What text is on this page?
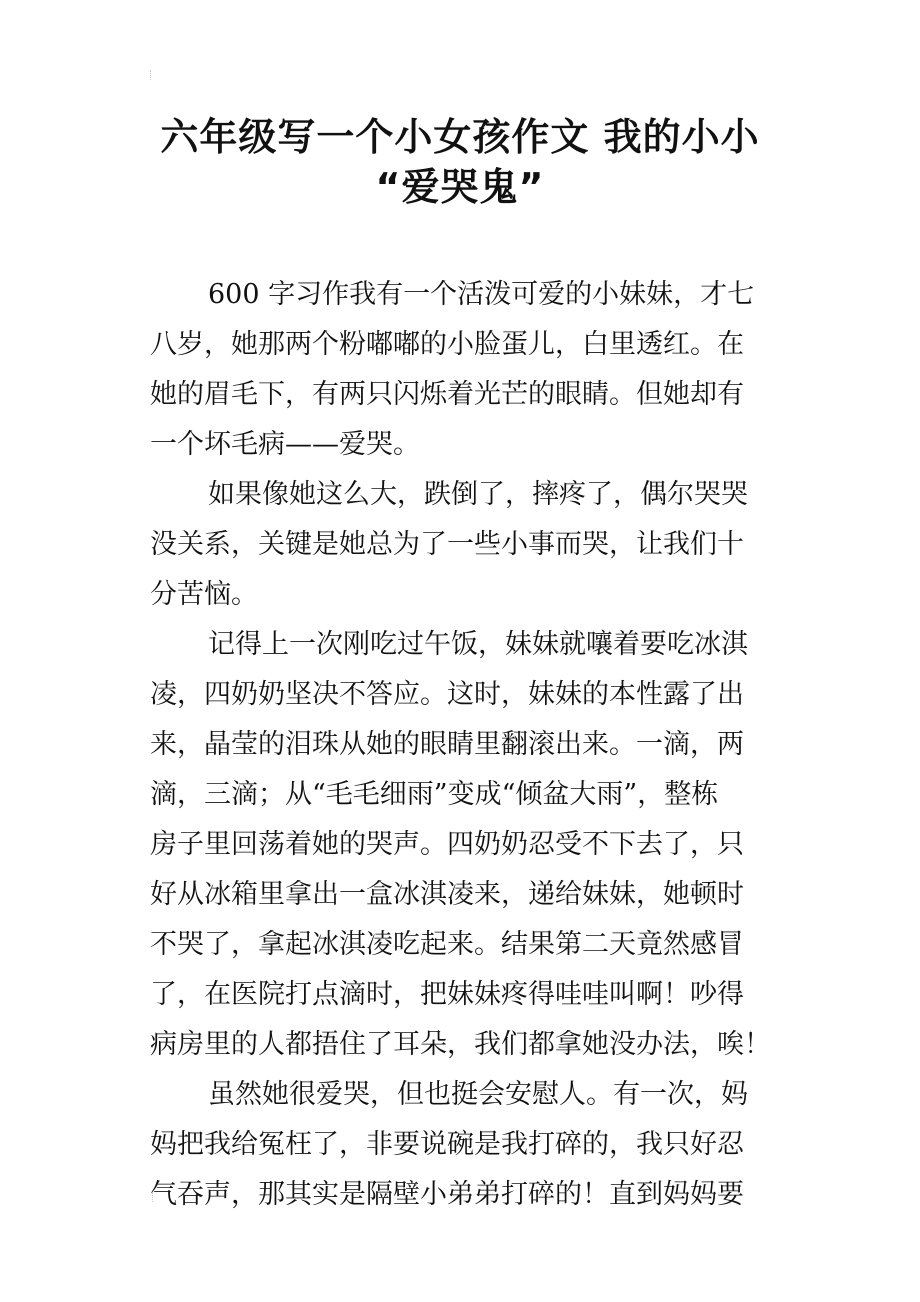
六年级写一个小女孩作文 我的小小
“爱哭鬼”
600 字习作我有一个活泼可爱的小妹妹，才七
八岁，她那两个粉嘟嘟的小脸蛋儿，白里透红。在
她的眉毛下，有两只闪烁着光芒的眼睛。但她却有
一个坏毛病——爱哭。
如果像她这么大，跌倒了，摔疼了，偶尔哭哭
没关系，关键是她总为了一些小事而哭，让我们十
分苦恼。
记得上一次刚吃过午饭，妹妹就嚷着要吃冰淇
凌，四奶奶坚决不答应。这时，妹妹的本性露了出
来，晶莹的泪珠从她的眼睛里翻滚出来。一滴，两
滴，三滴；从“毛毛细雨”变成“倾盆大雨”，整栋
房子里回荡着她的哭声。四奶奶忍受不下去了，只
好从冰箱里拿出一盒冰淇凌来，递给妹妹，她顿时
不哭了，拿起冰淇凌吃起来。结果第二天竟然感冒
了，在医院打点滴时，把妹妹疼得哇哇叫啊！吵得
病房里的人都捂住了耳朵，我们都拿她没办法，唉！
虽然她很爱哭，但也挺会安慰人。有一次，妈
妈把我给冤枉了，非要说碗是我打碎的，我只好忍
气吞声，那其实是隔壁小弟弟打碎的！直到妈妈要
